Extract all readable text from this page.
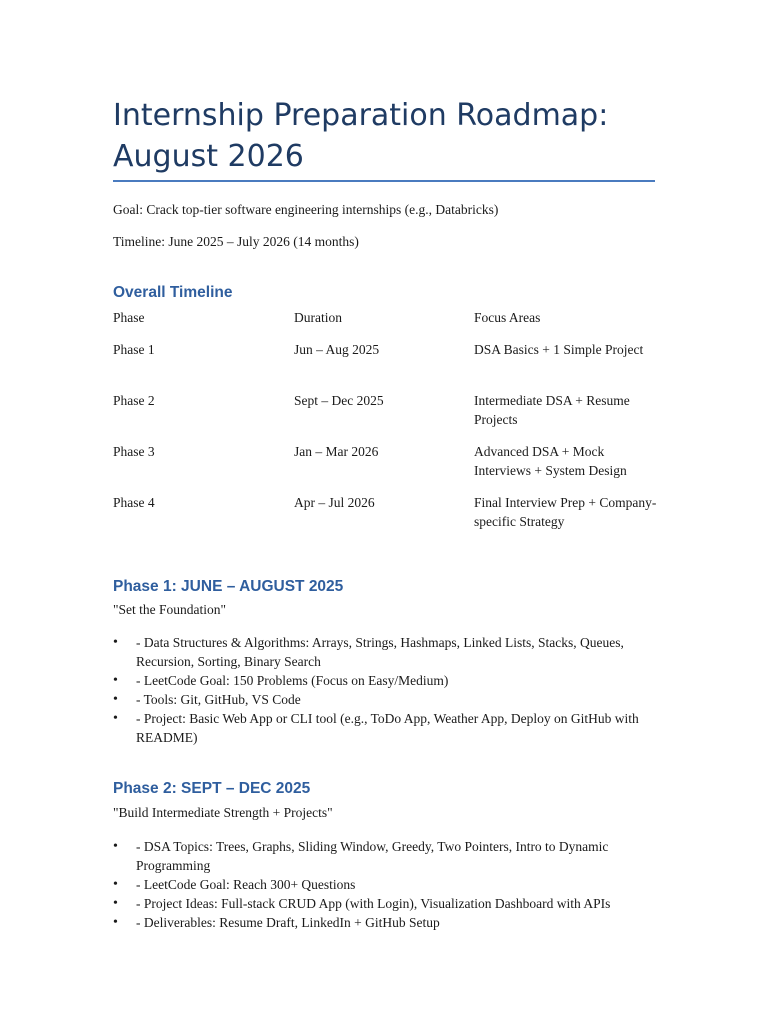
Internship Preparation Roadmap:
August 2026

Goal: Crack top-tier software engineering internships (e.g., Databricks)

Timeline: June 2025 – July 2026 (14 months)

Overall Timeline
Phase	Duration	Focus Areas
Phase 1	Jun – Aug 2025	DSA Basics + 1 Simple Project
Phase 2	Sept – Dec 2025	Intermediate DSA + Resume Projects
Phase 3	Jan – Mar 2026	Advanced DSA + Mock Interviews + System Design
Phase 4	Apr – Jul 2026	Final Interview Prep + Company-specific Strategy
Phase 1: JUNE – AUGUST 2025

"Set the Foundation"

• - Data Structures & Algorithms: Arrays, Strings, Hashmaps, Linked Lists, Stacks, Queues, Recursion, Sorting, Binary Search
• - LeetCode Goal: 150 Problems (Focus on Easy/Medium)
• - Tools: Git, GitHub, VS Code
• - Project: Basic Web App or CLI tool (e.g., ToDo App, Weather App, Deploy on GitHub with README)
Phase 2: SEPT – DEC 2025

"Build Intermediate Strength + Projects"

• - DSA Topics: Trees, Graphs, Sliding Window, Greedy, Two Pointers, Intro to Dynamic Programming
• - LeetCode Goal: Reach 300+ Questions
• - Project Ideas: Full-stack CRUD App (with Login), Visualization Dashboard with APIs
• - Deliverables: Resume Draft, LinkedIn + GitHub Setup
